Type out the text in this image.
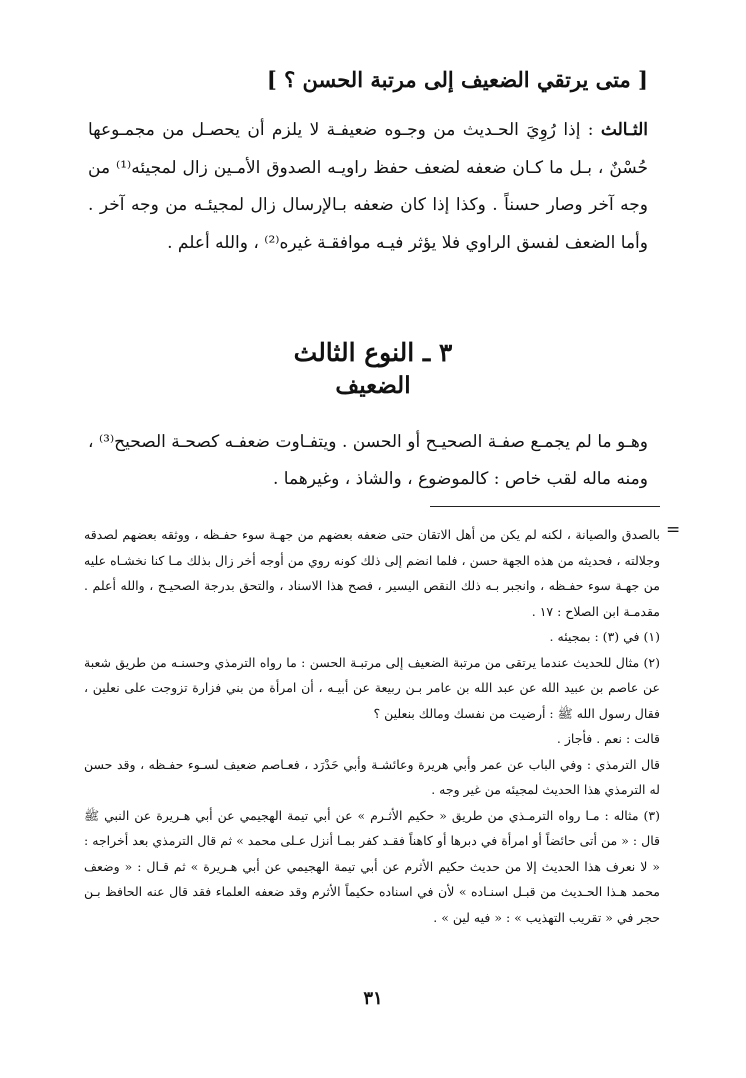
[ متى يرتقي الضعيف إلى مرتبة الحسن ؟ ]
الثـالث : إذا رُوِيَ الحـديث من وجـوه ضعيفـة لا يلزم أن يحصـل من مجمـوعها حُسْنٌ ، بـل ما كـان ضعفه لضعف حفظ راويـه الصدوق الأمـين زال لمجيئه⁽¹⁾ من وجه آخر وصار حسناً . وكذا إذا كان ضعفه بـالإرسال زال لمجيئـه من وجه آخر . وأما الضعف لفسق الراوي فلا يؤثر فيـه موافقـة غيره⁽²⁾ ، والله أعلم .
٣ ـ النوع الثالث
الضعيف
وهـو ما لم يجمـع صفـة الصحيـح أو الحسن . ويتفـاوت ضعفـه كصحـة الصحيح⁽³⁾ ، ومنه ماله لقب خاص : كالموضوع ، والشاذ ، وغيرهما .
=

بالصدق والصيانة ، لكنه لم يكن من أهل الاتقان حتى ضعفه بعضهم من جهـة سوء حفـظه ، ووثقه بعضهم لصدقه وجلالته ، فحديثه من هذه الجهة حسن ، فلما انضم إلى ذلك كونه روي من أوجه أخر زال بذلك مـا كنا نخشـاه عليه من جهـة سوء حفـظه ، وانجبر بـه ذلك النقص اليسير ، فصح هذا الاسناد ، والتحق بدرجة الصحيـح ، والله أعلم . مقدمـة ابن الصلاح : ١٧ .

(١) في (٣) : بمجيئه .

(٢) مثال للحديث عندما يرتقى من مرتبة الضعيف إلى مرتبـة الحسن : ما رواه الترمذي وحسنـه من طريق شعبة عن عاصم بن عبيد الله عن عبد الله بن عامر بـن ربيعة عن أبيـه ، أن امرأة من بني فزارة تزوجت على نعلين ، فقال رسول الله ﷺ : أرضيت من نفسك ومالك بنعلين ؟

قالت : نعم . فأجاز .

قال الترمذي : وفي الباب عن عمر وأبي هريرة وعائشـة وأبي حَدْرَد ، فعـاصم ضعيف لسـوء حفـظه ، وقد حسن له الترمذي هذا الحديث لمجيئه من غير وجه .

(٣) مثاله : مـا رواه الترمـذي من طريق « حكيم الأثـرم » عن أبي تيمة الهجيمي عن أبي هـريرة عن النبي ﷺ قال : « من أتى حائضاً أو امرأة في دبرها أو كاهناً فقـد كفر بمـا أنزل عـلى محمد » ثم قال الترمذي بعد أخراجه : « لا نعرف هذا الحديث إلا من حديث حكيم الأثرم عن أبي تيمة الهجيمي عن أبي هـريرة » ثم قـال : « وضعف محمد هـذا الحـديث من قبـل اسنـاده » لأن في اسناده حكيماً الأثرم وقد ضعفه العلماء فقد قال عنه الحافظ بـن حجر في « تقريب التهذيب » : « فيه لين » .

٣١
